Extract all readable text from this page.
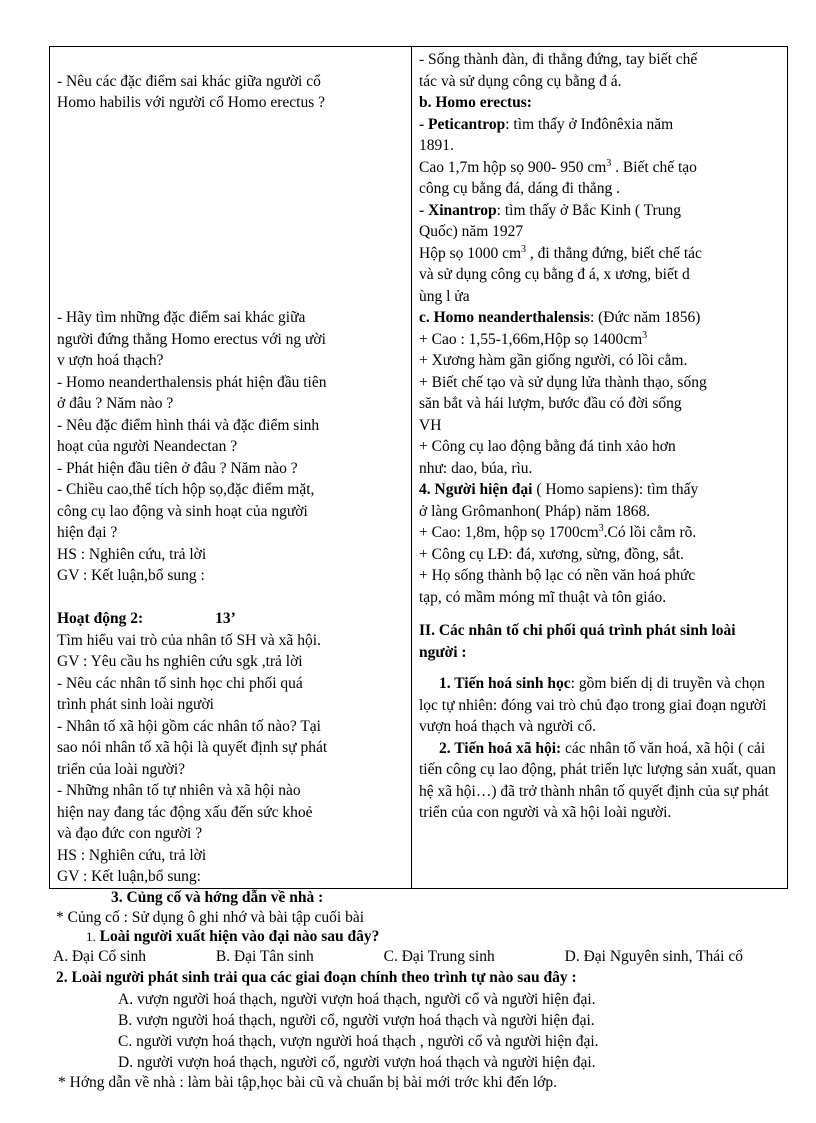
- Nêu các đặc điểm sai khác giữa người cổ
Homo habilis với người cổ Homo erectus ?
- Hãy tìm những đặc điểm sai khác giữa
người đứng thẳng Homo erectus với ng ười
v ượn hoá thạch?
- Homo neanderthalensis phát hiện đầu tiên
ở đâu ? Năm nào ?
- Nêu đặc điểm hình thái và đặc điểm sinh
hoạt của người Neandectan ?
- Phát hiện đầu tiên ở đâu ? Năm nào ?
- Chiều cao,thể tích hộp sọ,đặc điểm mặt,
công cụ lao động và sinh hoạt của người
hiện đại ?
HS : Nghiên cứu, trả lời
GV : Kết luận,bổ sung :
Hoạt động 2:	13’
Tìm hiểu vai trò của nhân tố SH và xã hội.
GV : Yêu cầu hs nghiên cứu sgk ,trả lời
- Nêu các nhân tố sinh học chi phối quá
trình phát sinh loài người
- Nhân tố xã hội gồm các nhân tố nào? Tại
sao nói nhân tố xã hội là quyết định sự phát
triển của loài người?
- Những nhân tố tự nhiên và xã hội nào
hiện nay đang tác động xấu đến sức khoẻ
và đạo đức con người ?
HS : Nghiên cứu, trả lời
GV : Kết luận,bổ sung:

- Sống thành đàn, đi thẳng đứng, tay biết chế
tác và sử dụng công cụ bằng đ á.
b. Homo erectus:
- Peticantrop: tìm thấy ở Inđônêxia năm
1891.
Cao 1,7m hộp sọ 900- 950 $cm^3$ . Biết chế tạo
công cụ bằng đá, dáng đi thẳng .
- Xinantrop: tìm thấy ở Bắc Kinh ( Trung
Quốc) năm 1927
Hộp sọ 1000 $cm^3$ , đi thẳng đứng, biết chế tác
và sử dụng công cụ bằng đ á, x ương, biết d
ùng l ửa
c. Homo neanderthalensis: (Đức năm 1856)
+ Cao : 1,55-1,66m,Hộp sọ $1400cm^3$
+ Xương hàm gần giống người, có lồi cằm.
+ Biết chế tạo và sử dụng lửa thành thạo, sống
săn bắt và hái lượm, bước đầu có đời sống
VH
+ Công cụ lao động bằng đá tinh xảo hơn
như: dao, búa, rìu.
4. Người hiện đại ( Homo sapiens): tìm thấy
ở làng Grômanhon( Pháp) năm 1868.
+ Cao: 1,8m, hộp sọ $1700cm^3.Có$ lồi cằm rõ.
+ Công cụ LĐ: đá, xương, sừng, đồng, sắt.
+ Họ sống thành bộ lạc có nền văn hoá phức
tạp, có mầm móng mĩ thuật và tôn giáo.
II. Các nhân tố chi phối quá trình phát sinh loài người :
1. Tiến hoá sinh học: gồm biến dị di truyền và chọn lọc tự nhiên: đóng vai trò chủ đạo trong giai đoạn người vượn hoá thạch và người cổ.
2. Tiến hoá xã hội: các nhân tố văn hoá, xã hội ( cải tiến công cụ lao động, phát triển lực lượng sản xuất, quan hệ xã hội…) đã trở thành nhân tố quyết định của sự phát triển của con người và xã hội loài người.
3. Củng cố và hớng dẫn về nhà :
* Củng cố : Sử dụng ô ghi nhớ và bài tập cuối bài
1. Loài người xuất hiện vào đại nào sau đây?
A. Đại Cổ sinh	B. Đại Tân sinh	C. Đại Trung sinh	D. Đại Nguyên sinh, Thái cổ
2. Loài người phát sinh trải qua các giai đoạn chính theo trình tự nào sau đây :
A. vượn người hoá thạch, người vượn hoá thạch, người cổ và người hiện đại.
B. vượn người hoá thạch, người cổ, người vượn hoá thạch và người hiện đại.
C. người vượn hoá thạch, vượn người hoá thạch , người cổ và người hiện đại.
D. người vượn hoá thạch, người cổ, người vượn hoá thạch và người hiện đại.
* Hớng dẫn về nhà : làm bài tập,học bài cũ và chuẩn bị bài mới trớc khi đến lớp.
